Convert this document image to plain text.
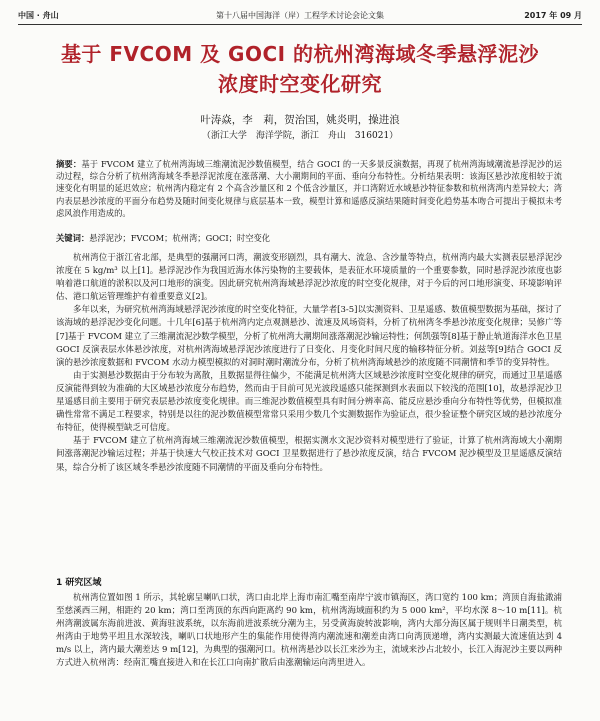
中国 · 舟山	第十八届中国海洋（岸）工程学术讨论会论文集	2017 年 09 月
基于 FVCOM 及 GOCI 的杭州湾海域冬季悬浮泥沙
浓度时空变化研究
叶涛焱，李　莉，贺治国，姚炎明，操进浪
（浙江大学　海洋学院，浙江　舟山　316021）
摘要：基于 FVCOM 建立了杭州湾海域三维潮流泥沙数值模型，结合 GOCI 的一天多景反演数据，再现了杭州湾海域潮流悬浮泥沙的运动过程，综合分析了杭州湾海域冬季悬浮泥浓度在涨落潮、大小潮期间的平面、垂向分布特性。分析结果表明：该海区悬沙浓度相较于流速变化有明显的延迟效应；杭州湾内稳定有 2 个高含沙量区和 2 个低含沙量区，并口湾附近水域悬沙特征参数和杭州湾湾内差异较大；湾内表层悬沙浓度的平面分布趋势及随时间变化规律与底层基本一致，模型计算和遥感反演结果随时间变化趋势基本吻合可提出于模拟未考虑风浪作用造成的。
关键词：悬浮泥沙；FVCOM；杭州湾；GOCI；时空变化

杭州湾位于浙江省北部，是典型的强潮河口湾，潮波变形剧烈，具有潮大、流急、含沙量等特点，杭州湾内最大实测表层悬浮泥沙浓度在 5 kg/m³ 以上[1]。悬浮泥沙作为我国近海水体污染物的主要载体，是表征水环境质量的一个重要参数，同时悬浮泥沙浓度也影响着港口航道的淤积以及河口地形的演变。因此研究杭州湾海域悬浮泥沙浓度的时空变化规律，对于今后的河口地形演变、环境影响评估、港口航运管理维护有着重要意义[2]。

多年以来，为研究杭州湾海域悬浮泥沙浓度的时空变化特征，大量学者[3-5]以实测资料、卫星遥感、数值模型数据为基础，探讨了该海域的悬浮泥沙变化问题。十几年[6]基于杭州湾内定点观测悬沙、流速及风场资料，分析了杭州湾冬季悬沙浓度变化规律；吴修广等[7]基于 FVCOM 建立了三维潮流泥沙数学模型，分析了杭州湾大潮期间涨落潮泥沙输运特性；何凯强等[8]基于静止轨道海洋水色卫星 GOCI 反演表层水体悬沙浓度，对杭州湾海域悬浮泥沙浓度进行了日变化、月变化时间尺度的输移特征分析。刘兹等[9]结合 GOCI 反演的悬沙浓度数据和 FVCOM 水动力模型模拟的对洞时潮时潮流分布，分析了杭州湾海域悬沙的浓度随不同潮情和季节的变异特性。

由于实测悬沙数据由于分布较为离散，且数据显得往偏少，不能满足杭州湾大区域悬沙浓度时空变化规律的研究，而通过卫星遥感反演能得到较为准确的大区域悬沙浓度分布趋势，然而由于目前可见光波段遥感只能探测到水表面以下较浅的范围[10]，故悬浮泥沙卫星遥感目前主要用于研究表层悬沙浓度变化规律。而三维泥沙数值模型具有时间分辨率高、能反应悬沙垂向分布特性等优势，但模拟准确性常常不满足工程要求，特别是以往的泥沙数值模型常常只采用少数几个实测数据作为验证点，很少验证整个研究区域的悬沙浓度分布特征，使得模型缺乏可信度。

基于 FVCOM 建立了杭州湾海域三维潮流泥沙数值模型，根据实测水文泥沙资料对模型进行了验证，计算了杭州湾海域大小潮期间涨落潮泥沙输运过程；并基于快速大气校正技术对 GOCI 卫星数据进行了悬沙浓度反演，结合 FVCOM 泥沙模型及卫星遥感反演结果，综合分析了该区域冬季悬沙浓度随不同潮情的平面及垂向分布特性。

1 研究区域

杭州湾位置如图 1 所示，其轮廓呈喇叭口状，湾口由北岸上海市南汇嘴至南岸宁波市镇海区，湾口宽约 100 km；湾顶自海盐澉浦至慈溪西三闸，相距约 20 km；湾口至湾顶的东西向距离约 90 km，杭州湾海域面积约为 5 000 km²，平均水深 8～10 m[11]。杭州湾潮波属东海前进波、黄海驻波系统，以东海前进波系统分潮为主，另受黄海旋转波影响，湾内大部分海区属于规则半日潮类型，杭州湾由于地势平坦且水深较浅，喇叭口状地形产生的集能作用使得湾内潮流速和潮差由湾口向湾顶递增，湾内实测最大流速值达到 4 m/s 以上，湾内最大潮差达 9 m[12]，为典型的强潮河口。杭州湾悬沙以长江来沙为主，流域来沙占北较小，长江入海泥沙主要以两种方式进入杭州湾：经南汇嘴直接进入和在长江口向南扩散后由涨潮输运向湾里进入。
